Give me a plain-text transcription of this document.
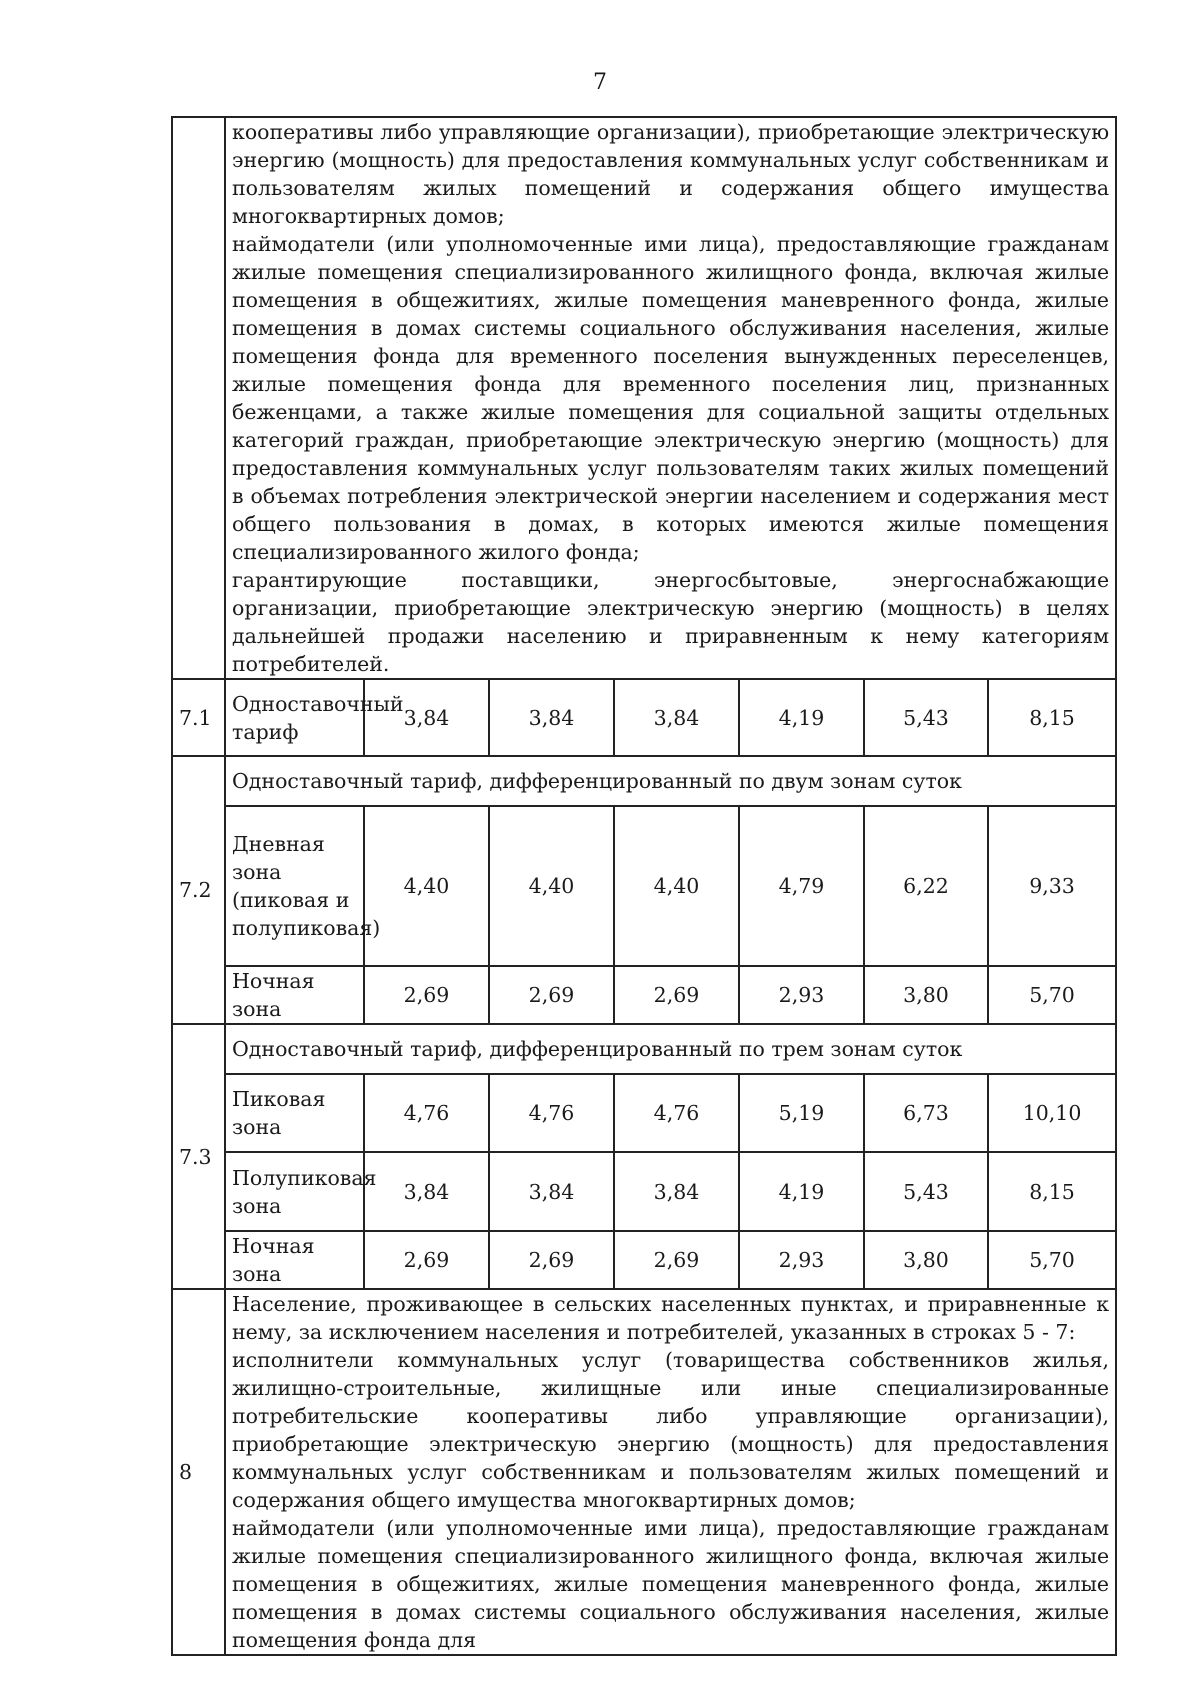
7

	кооперативы либо управляющие организации), приобретающие электрическую энергию (мощность) для предоставления коммунальных услуг собственникам и пользователям жилых помещений и содержания общего имущества многоквартирных домов;
наймодатели (или уполномоченные ими лица), предоставляющие гражданам жилые помещения специализированного жилищного фонда, включая жилые помещения в общежитиях, жилые помещения маневренного фонда, жилые помещения в домах системы социального обслуживания населения, жилые помещения фонда для временного поселения вынужденных переселенцев, жилые помещения фонда для временного поселения лиц, признанных беженцами, а также жилые помещения для социальной защиты отдельных категорий граждан, приобретающие электрическую энергию (мощность) для предоставления коммунальных услуг пользователям таких жилых помещений в объемах потребления электрической энергии населением и содержания мест общего пользования в домах, в которых имеются жилые помещения специализированного жилого фонда;
гарантирующие поставщики, энергосбытовые, энергоснабжающие организации, приобретающие электрическую энергию (мощность) в целях дальнейшей продажи населению и приравненным к нему категориям потребителей.						

7.1	Одноставочный тариф	3,84	3,84	3,84	4,19	5,43	8,15
7.2	Одноставочный тариф, дифференцированный по двум зонам суток						
	Дневная зона (пиковая и полупиковая)	4,40	4,40	4,40	4,79	6,22	9,33
	Ночная зона	2,69	2,69	2,69	2,93	3,80	5,70
7.3	Одноставочный тариф, дифференцированный по трем зонам суток						
	Пиковая зона	4,76	4,76	4,76	5,19	6,73	10,10
	Полупиковая зона	3,84	3,84	3,84	4,19	5,43	8,15
	Ночная зона	2,69	2,69	2,69	2,93	3,80	5,70
8	Население, проживающее в сельских населенных пунктах, и приравненные к нему, за исключением населения и потребителей, указанных в строках 5 - 7:
исполнители коммунальных услуг (товарищества собственников жилья, жилищно-строительные, жилищные или иные специализированные потребительские кооперативы либо управляющие организации), приобретающие электрическую энергию (мощность) для предоставления коммунальных услуг собственникам и пользователям жилых помещений и содержания общего имущества многоквартирных домов;
наймодатели (или уполномоченные ими лица), предоставляющие гражданам жилые помещения специализированного жилищного фонда, включая жилые помещения в общежитиях, жилые помещения маневренного фонда, жилые помещения в домах системы социального обслуживания населения, жилые помещения фонда для						
